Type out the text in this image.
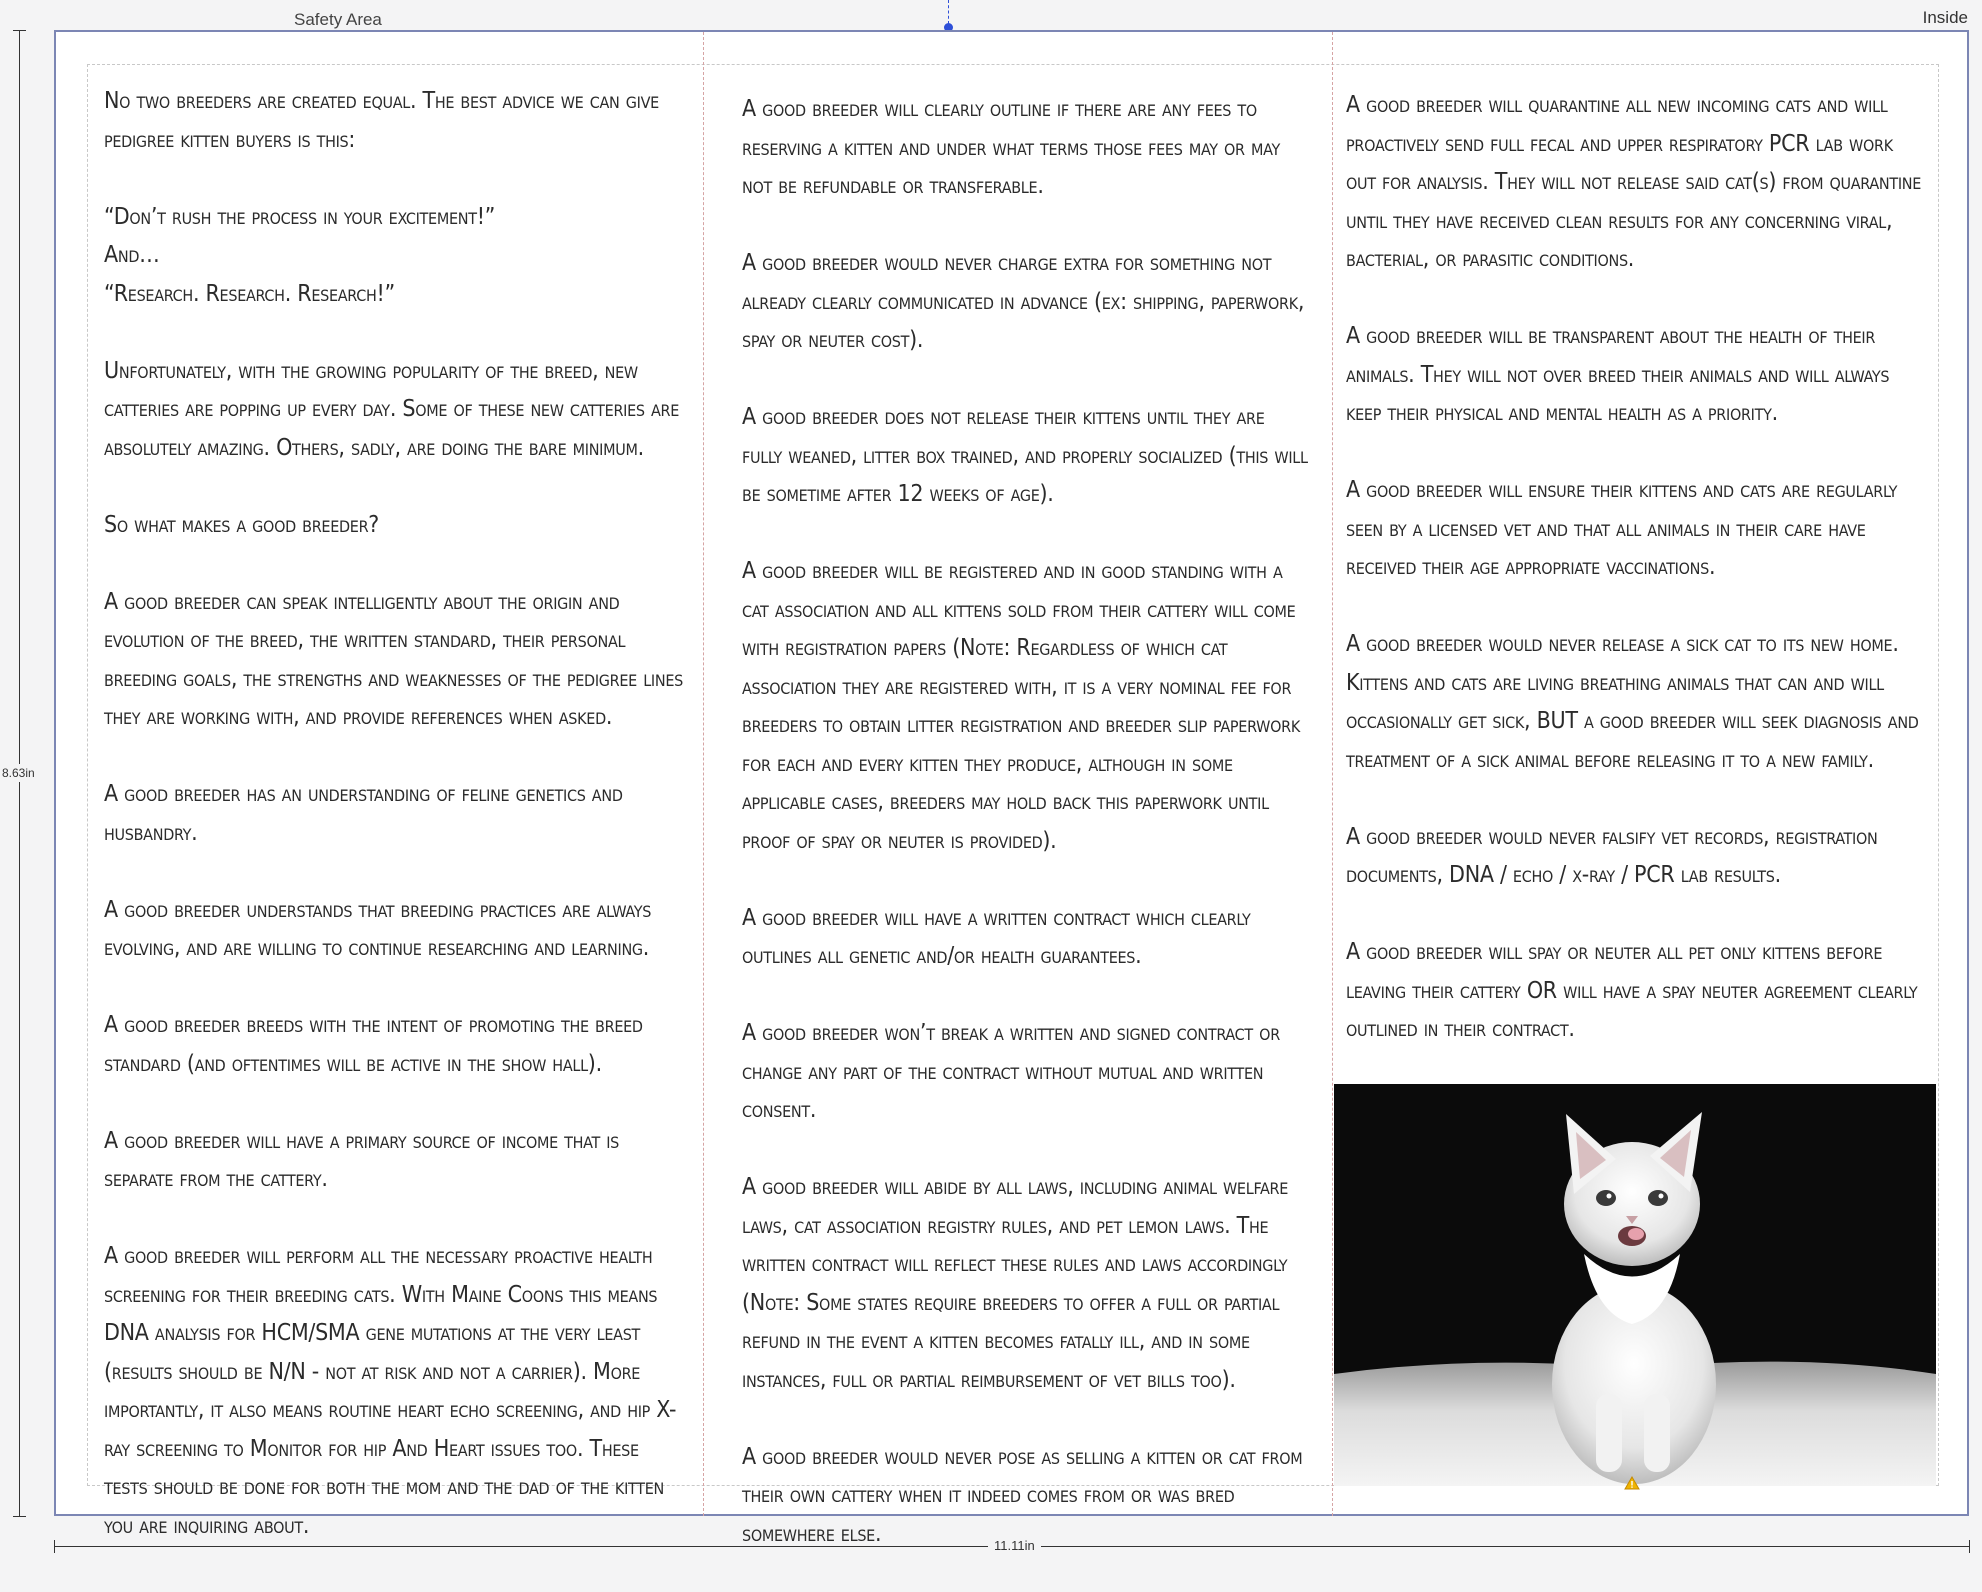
Safety Area	Inside
8.63in
11.11in

No two breeders are created equal. The best advice we can give pedigree kitten buyers is this:

“Don’t rush the process in your excitement!”
And…
“Research. Research. Research!”

Unfortunately, with the growing popularity of the breed, new catteries are popping up every day. Some of these new catteries are absolutely amazing. Others, sadly, are doing the bare minimum.

So what makes a good breeder?

A good breeder can speak intelligently about the origin and evolution of the breed, the written standard, their personal breeding goals, the strengths and weaknesses of the pedigree lines they are working with, and provide references when asked.

A good breeder has an understanding of feline genetics and husbandry.

A good breeder understands that breeding practices are always evolving, and are willing to continue researching and learning.

A good breeder breeds with the intent of promoting the breed standard (and oftentimes will be active in the show hall).

A good breeder will have a primary source of income that is separate from the cattery.

A good breeder will perform all the necessary proactive health screening for their breeding cats. With Maine Coons this means DNA analysis for HCM/SMA gene mutations at the very least (results should be N/N - not at risk and not a carrier). More importantly, it also means routine heart echo screening, and hip X-ray screening to Monitor for hip And Heart issues too. These tests should be done for both the mom and the dad of the kitten you are inquiring about.

A good breeder will clearly outline if there are any fees to reserving a kitten and under what terms those fees may or may not be refundable or transferable.

A good breeder would never charge extra for something not already clearly communicated in advance (ex: shipping, paperwork, spay or neuter cost).

A good breeder does not release their kittens until they are fully weaned, litter box trained, and properly socialized (this will be sometime after 12 weeks of age).

A good breeder will be registered and in good standing with a cat association and all kittens sold from their cattery will come with registration papers (Note: Regardless of which cat association they are registered with, it is a very nominal fee for breeders to obtain litter registration and breeder slip paperwork for each and every kitten they produce, although in some applicable cases, breeders may hold back this paperwork until proof of spay or neuter is provided).

A good breeder will have a written contract which clearly outlines all genetic and/or health guarantees.

A good breeder won’t break a written and signed contract or change any part of the contract without mutual and written consent.

A good breeder will abide by all laws, including animal welfare laws, cat association registry rules, and pet lemon laws. The written contract will reflect these rules and laws accordingly (Note: Some states require breeders to offer a full or partial refund in the event a kitten becomes fatally ill, and in some instances, full or partial reimbursement of vet bills too).

A good breeder would never pose as selling a kitten or cat from their own cattery when it indeed comes from or was bred somewhere else.

A good breeder will quarantine all new incoming cats and will proactively send full fecal and upper respiratory PCR lab work out for analysis. They will not release said cat(s) from quarantine until they have received clean results for any concerning viral, bacterial, or parasitic conditions.

A good breeder will be transparent about the health of their animals. They will not over breed their animals and will always keep their physical and mental health as a priority.

A good breeder will ensure their kittens and cats are regularly seen by a licensed vet and that all animals in their care have received their age appropriate vaccinations.

A good breeder would never release a sick cat to its new home. Kittens and cats are living breathing animals that can and will occasionally get sick, BUT a good breeder will seek diagnosis and treatment of a sick animal before releasing it to a new family.

A good breeder would never falsify vet records, registration documents, DNA / echo / x-ray / PCR lab results.

A good breeder will spay or neuter all pet only kittens before leaving their cattery OR will have a spay neuter agreement clearly outlined in their contract.
